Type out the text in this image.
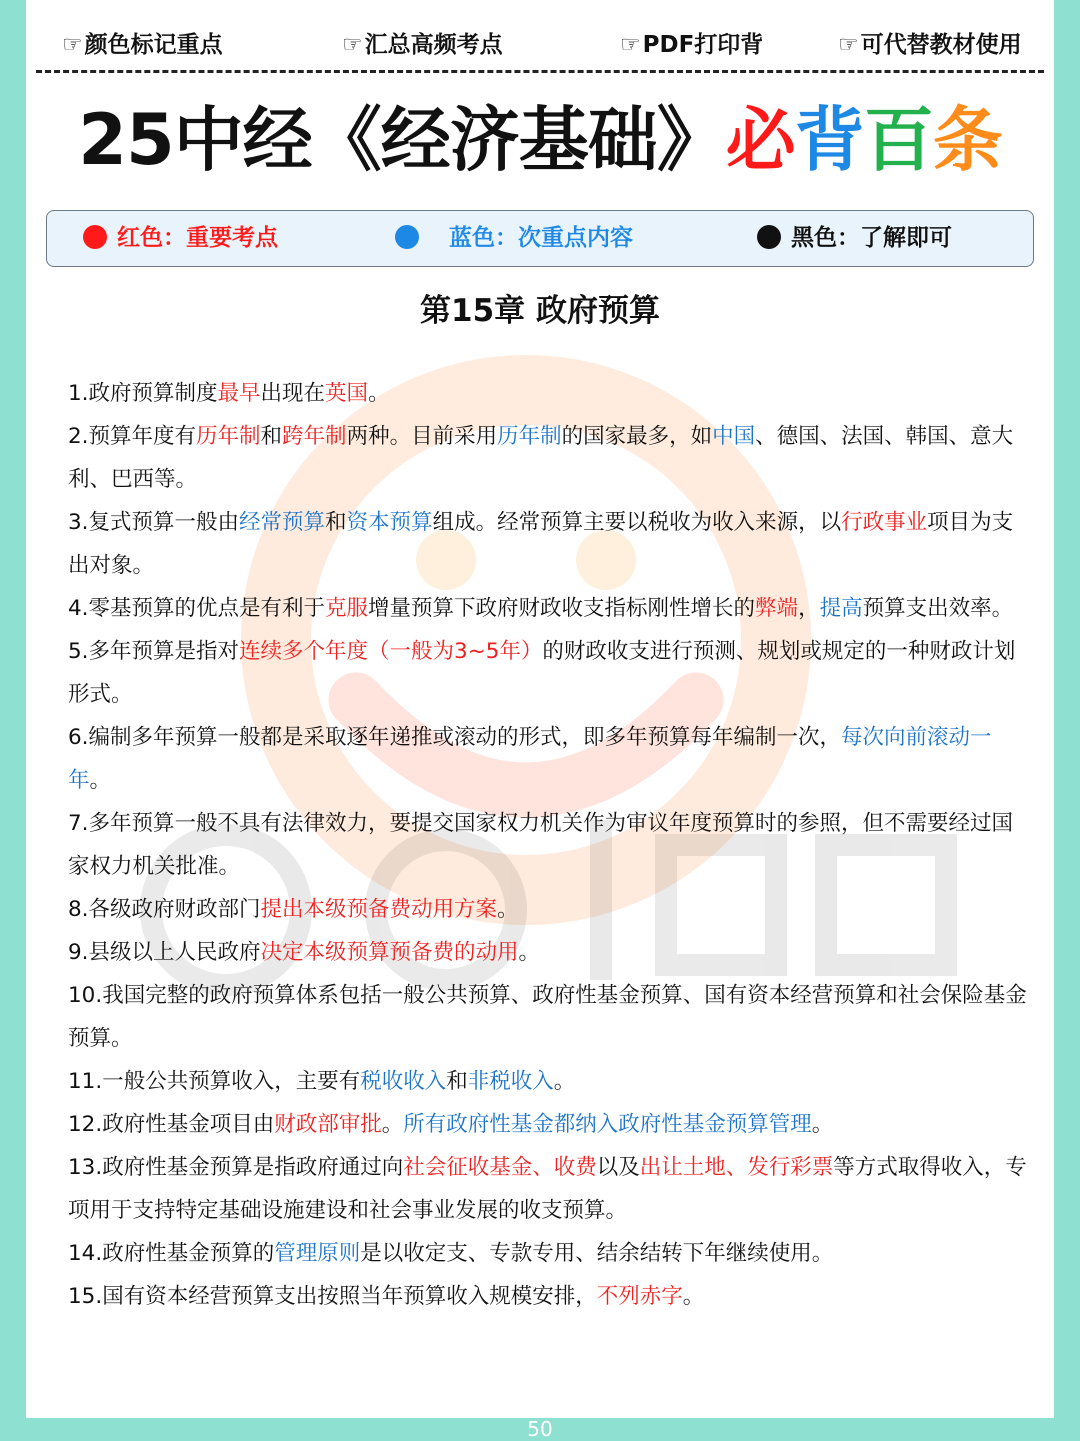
☞颜色标记重点	☞汇总高频考点	☞PDF打印背	☞可代替教材使用
25中经《经济基础》必背百条
红色：重要考点	蓝色：次重点内容	黑色：了解即可
第15章 政府预算

1.政府预算制度最早出现在英国。

2.预算年度有历年制和跨年制两种。目前采用历年制的国家最多，如中国、德国、法国、韩国、意大利、巴西等。

3.复式预算一般由经常预算和资本预算组成。经常预算主要以税收为收入来源，以行政事业项目为支出对象。

4.零基预算的优点是有利于克服增量预算下政府财政收支指标刚性增长的弊端，提高预算支出效率。

5.多年预算是指对连续多个年度（一般为3~5年）的财政收支进行预测、规划或规定的一种财政计划形式。

6.编制多年预算一般都是采取逐年递推或滚动的形式，即多年预算每年编制一次，每次向前滚动一年。

7.多年预算一般不具有法律效力，要提交国家权力机关作为审议年度预算时的参照，但不需要经过国家权力机关批准。

8.各级政府财政部门提出本级预备费动用方案。

9.县级以上人民政府决定本级预算预备费的动用。

10.我国完整的政府预算体系包括一般公共预算、政府性基金预算、国有资本经营预算和社会保险基金预算。

11.一般公共预算收入，主要有税收收入和非税收入。

12.政府性基金项目由财政部审批。所有政府性基金都纳入政府性基金预算管理。

13.政府性基金预算是指政府通过向社会征收基金、收费以及出让土地、发行彩票等方式取得收入，专项用于支持特定基础设施建设和社会事业发展的收支预算。

14.政府性基金预算的管理原则是以收定支、专款专用、结余结转下年继续使用。

15.国有资本经营预算支出按照当年预算收入规模安排，不列赤字。

50
